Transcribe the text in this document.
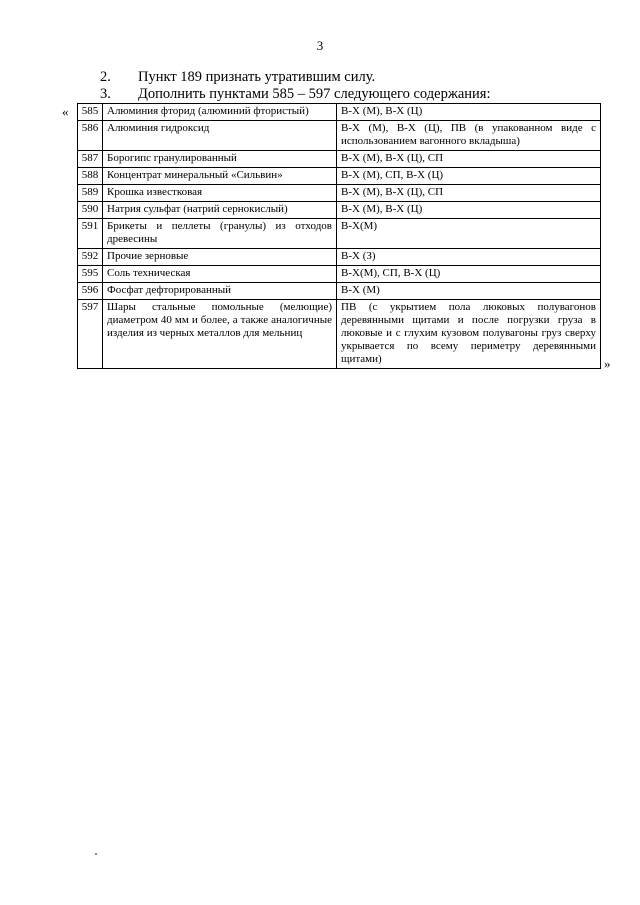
3
2. Пункт 189 признать утратившим силу.
3. Дополнить пунктами 585 – 597 следующего содержания:
« 585	Алюминия фторид (алюминий фтористый)	В-Х (М), В-Х (Ц)
586	Алюминия гидроксид	В-Х (М), В-Х (Ц), ПВ (в упакованном виде с использованием вагонного вкладыша)
587	Борогипс гранулированный	В-Х (М), В-Х (Ц), СП
588	Концентрат минеральный «Сильвин»	В-Х (М), СП, В-Х (Ц)
589	Крошка известковая	В-Х (М), В-Х (Ц), СП
590	Натрия сульфат (натрий сернокислый)	В-Х (М), В-Х (Ц)
591	Брикеты и пеллеты (гранулы) из отходов древесины	В-Х(М)
592	Прочие зерновые	В-Х (З)
595	Соль техническая	В-Х(М), СП, В-Х (Ц)
596	Фосфат дефторированный	В-Х (М)
597	Шары стальные помольные (мелющие) диаметром 40 мм и более, а также аналогичные изделия из черных металлов для мельниц	ПВ (с укрытием пола люковых полувагонов деревянными щитами и после погрузки груза в люковые и с глухим кузовом полувагоны груз сверху укрывается по всему периметру деревянными щитами)	»
